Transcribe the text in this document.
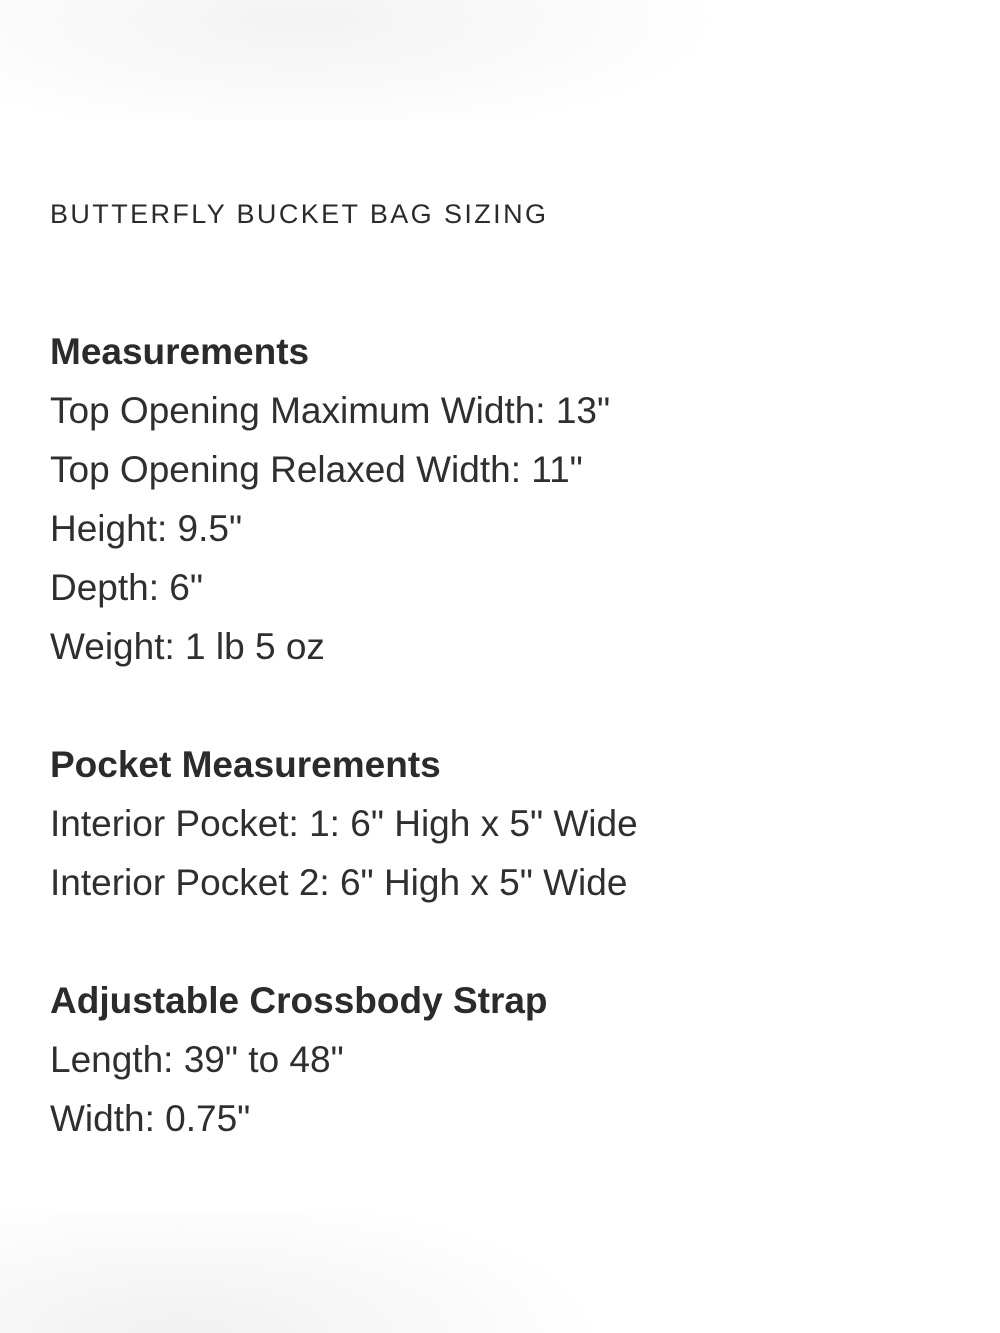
BUTTERFLY BUCKET BAG SIZING

Measurements

Top Opening Maximum Width: 13"

Top Opening Relaxed Width: 11"

Height: 9.5"

Depth: 6"

Weight: 1 lb 5 oz

Pocket Measurements

Interior Pocket: 1: 6" High x 5" Wide

Interior Pocket 2: 6" High x 5" Wide

Adjustable Crossbody Strap

Length: 39" to 48"

Width: 0.75"
